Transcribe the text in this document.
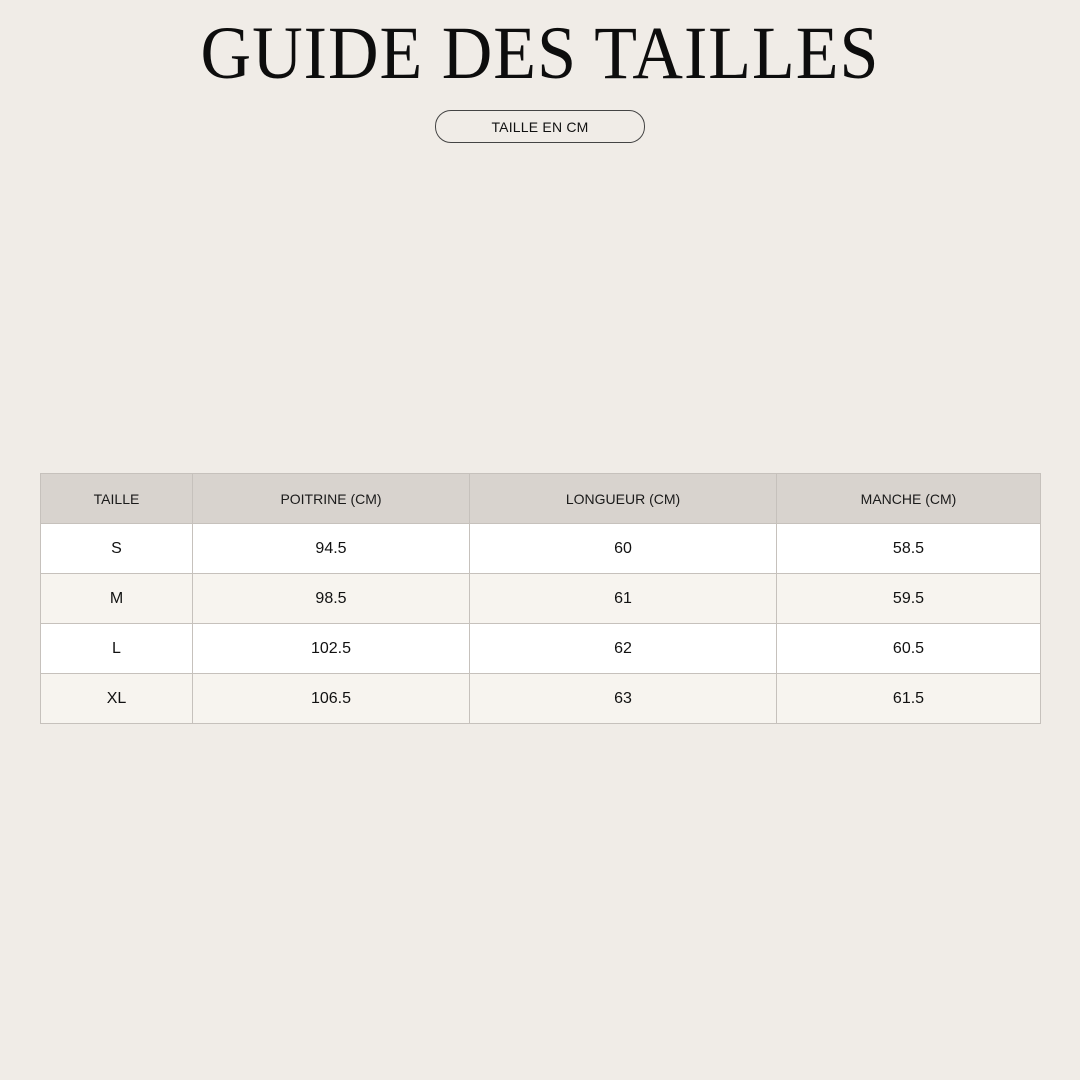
GUIDE DES TAILLES
TAILLE EN CM
TAILLE	POITRINE (CM)	LONGUEUR (CM)	MANCHE (CM)
S	94.5	60	58.5
M	98.5	61	59.5
L	102.5	62	60.5
XL	106.5	63	61.5
